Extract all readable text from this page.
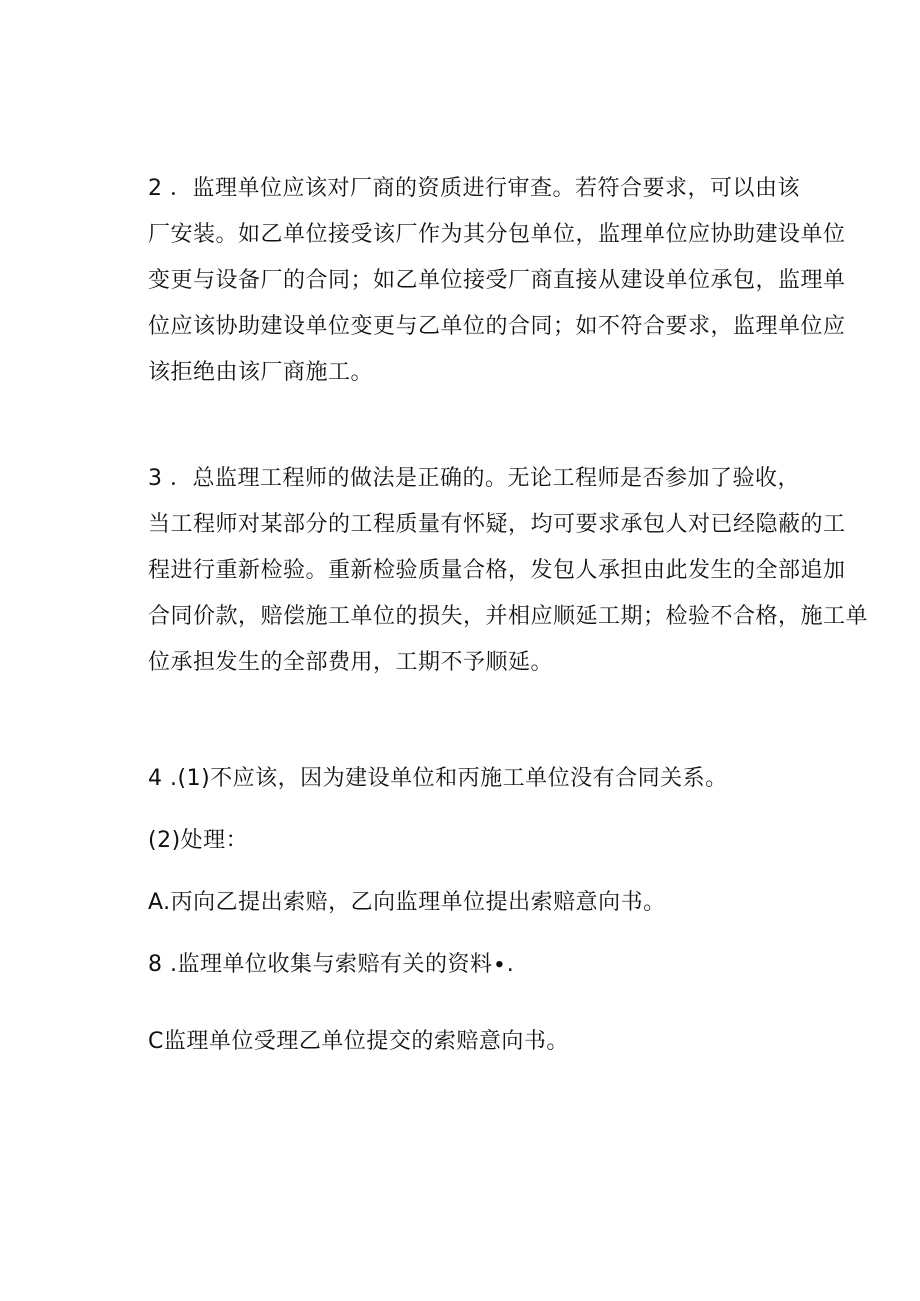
2 ．监理单位应该对厂商的资质进行审查。若符合要求，可以由该
厂安装。如乙单位接受该厂作为其分包单位，监理单位应协助建设单位
变更与设备厂的合同；如乙单位接受厂商直接从建设单位承包，监理单
位应该协助建设单位变更与乙单位的合同；如不符合要求，监理单位应
该拒绝由该厂商施工。
3 ．总监理工程师的做法是正确的。无论工程师是否参加了验收，
当工程师对某部分的工程质量有怀疑，均可要求承包人对已经隐蔽的工
程进行重新检验。重新检验质量合格，发包人承担由此发生的全部追加
合同价款，赔偿施工单位的损失，并相应顺延工期；检验不合格，施工单
位承担发生的全部费用，工期不予顺延。
4 .(1)不应该，因为建设单位和丙施工单位没有合同关系。
(2)处理：
A.丙向乙提出索赔，乙向监理单位提出索赔意向书。
8 .监理单位收集与索赔有关的资料∙.
C监理单位受理乙单位提交的索赔意向书。
